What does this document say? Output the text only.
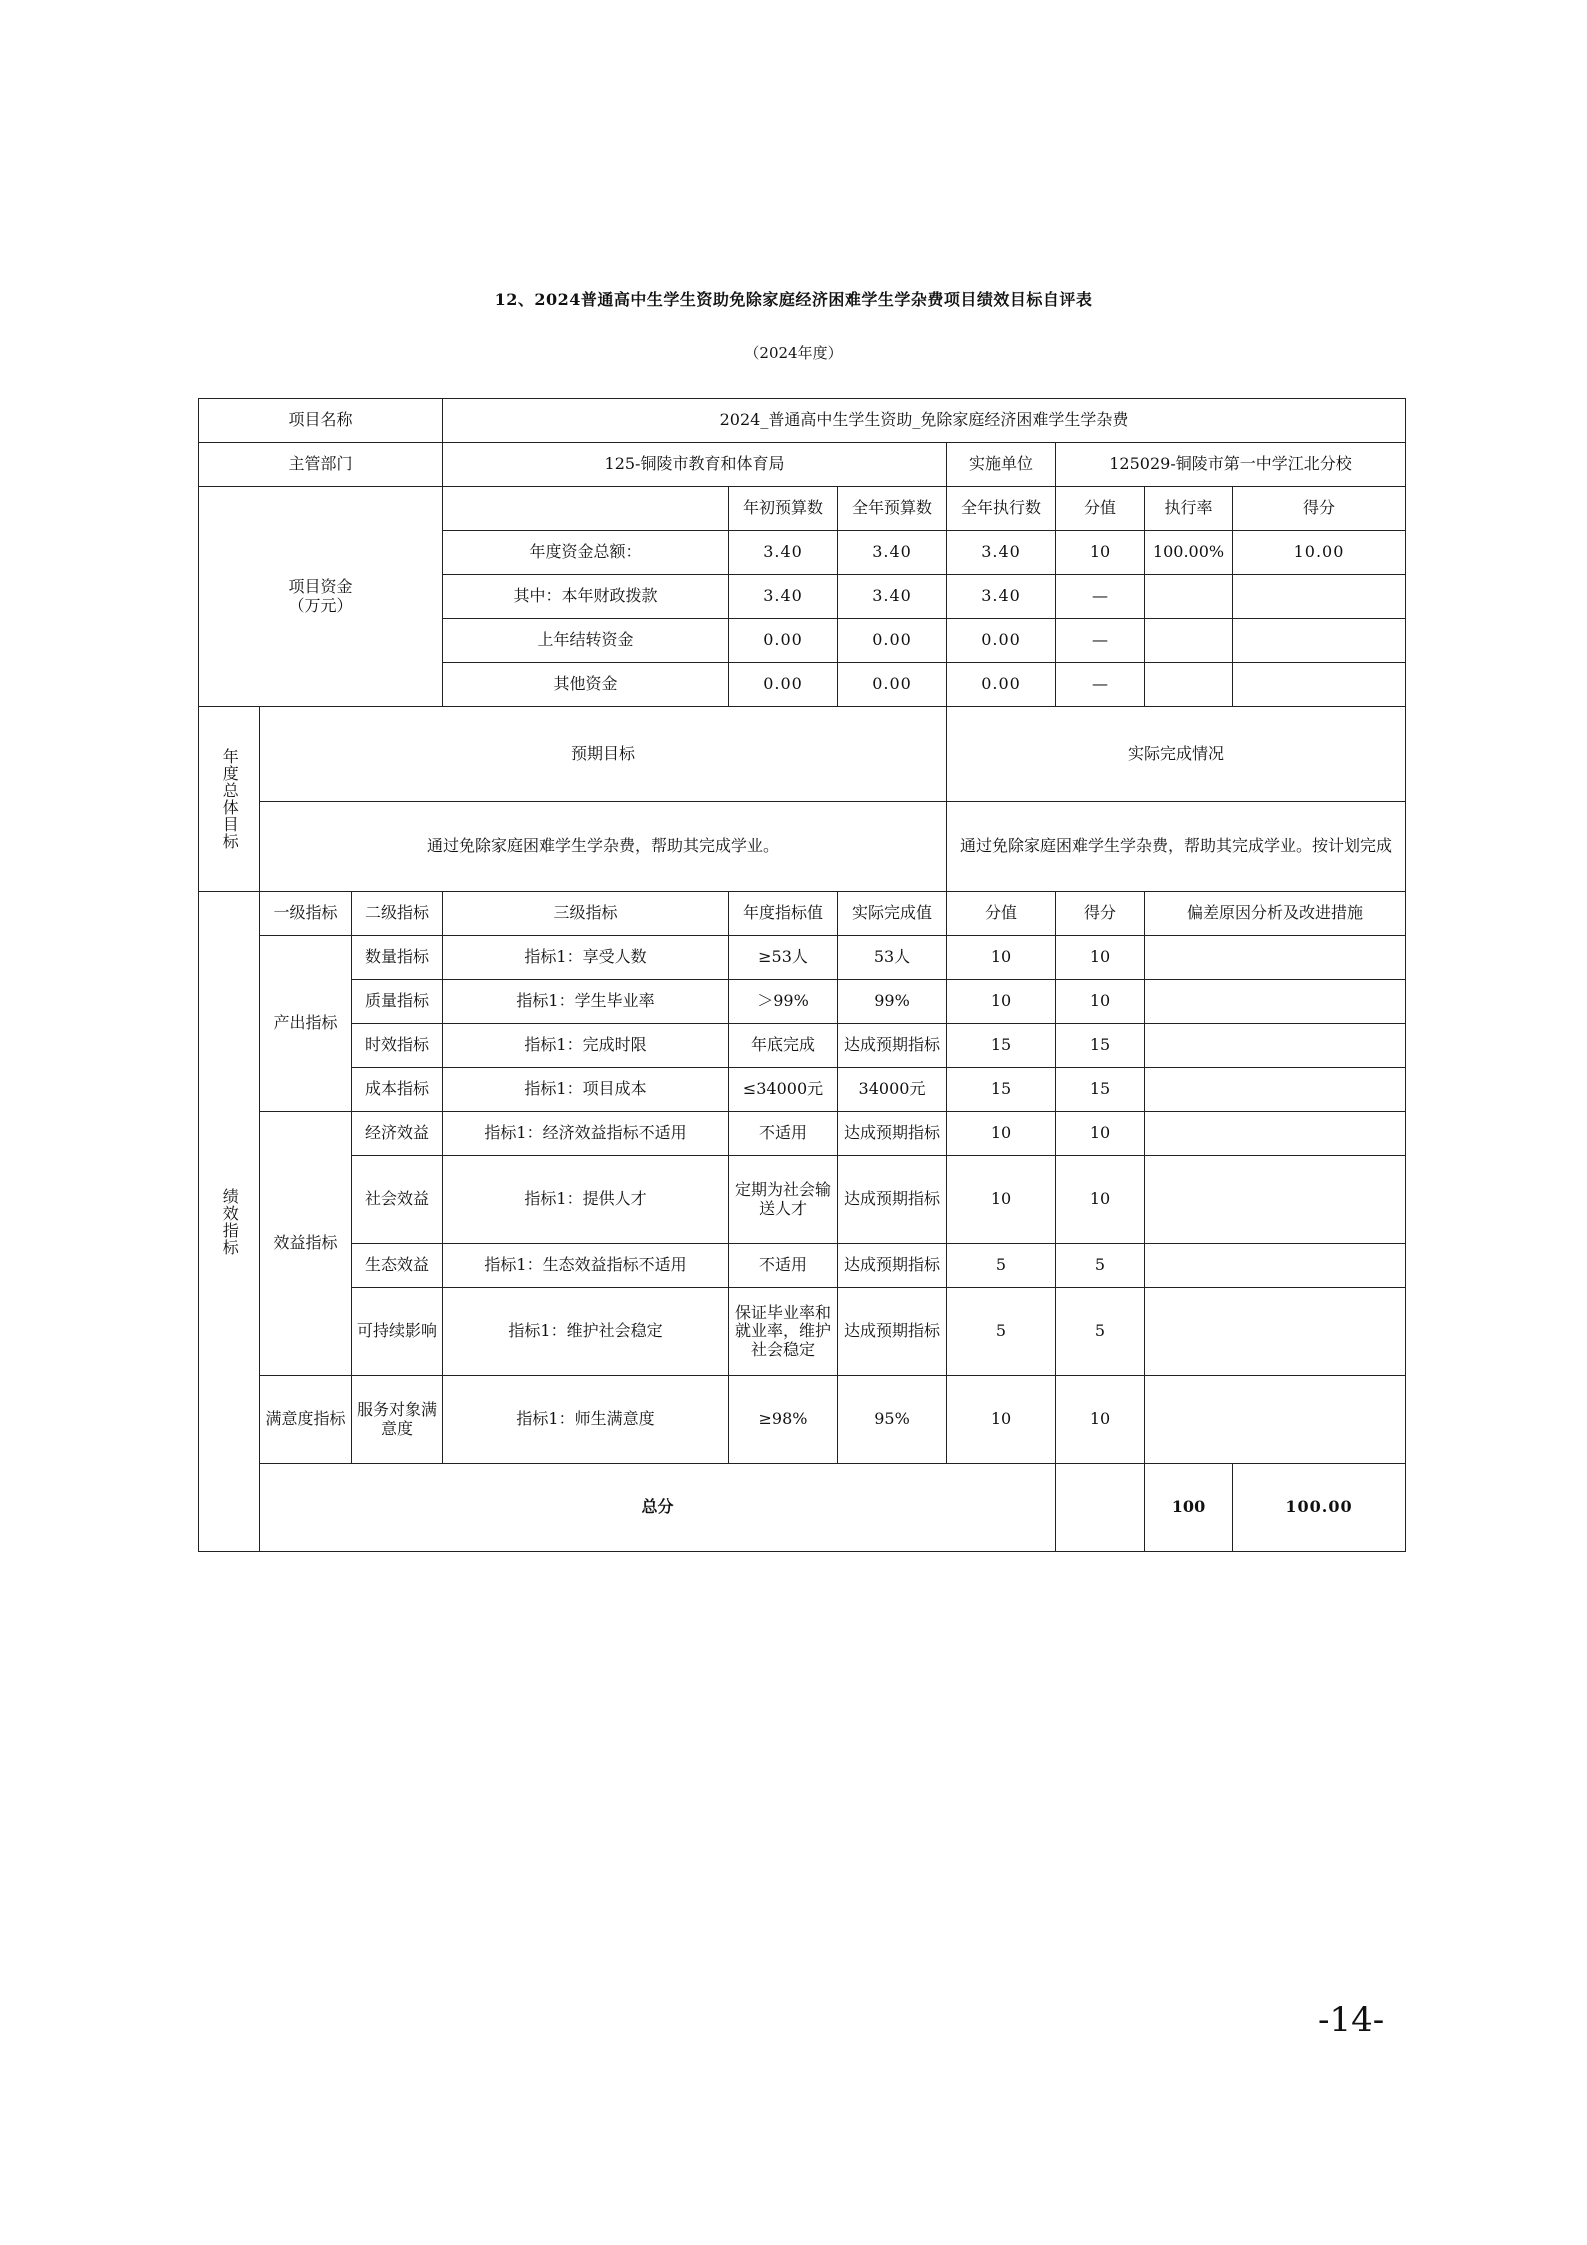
12、2024普通高中生学生资助免除家庭经济困难学生学杂费项目绩效目标自评表
（2024年度）
项目名称			2024_普通高中生学生资助_免除家庭经济困难学生学杂费							
主管部门			125-铜陵市教育和体育局			实施单位	125029-铜陵市第一中学江北分校			
项目资金
（万元）				年初预算数	全年预算数	全年执行数	分值	执行率	得分	
			年度资金总额：	3.40	3.40	3.40	10	100.00%	10.00	
			其中：本年财政拨款	3.40	3.40	3.40	—			
			上年结转资金	0.00	0.00	0.00	—			
			其他资金	0.00	0.00	0.00	—			

年度总体目标	预期目标					实际完成情况				
	通过免除家庭困难学生学杂费，帮助其完成学业。					通过免除家庭困难学生学杂费，帮助其完成学业。按计划完成				

绩效指标	一级指标	二级指标	三级指标	年度指标值	实际完成值	分值	得分	偏差原因分析及改进措施		
	产出指标	数量指标	指标1：享受人数	≥53人	53人	10	10			
		质量指标	指标1：学生毕业率	＞99%	99%	10	10			
		时效指标	指标1：完成时限	年底完成	达成预期指标	15	15			
		成本指标	指标1：项目成本	≤34000元	34000元	15	15			
	效益指标	经济效益	指标1：经济效益指标不适用	不适用	达成预期指标	10	10			
		社会效益	指标1：提供人才	定期为社会输送人才	达成预期指标	10	10			
		生态效益	指标1：生态效益指标不适用	不适用	达成预期指标	5	5			
		可持续影响	指标1：维护社会稳定	保证毕业率和就业率，维护社会稳定	达成预期指标	5	5			
	满意度指标	服务对象满意度	指标1：师生满意度	≥98%	95%	10	10			
	总分							100	100.00	
-14-
